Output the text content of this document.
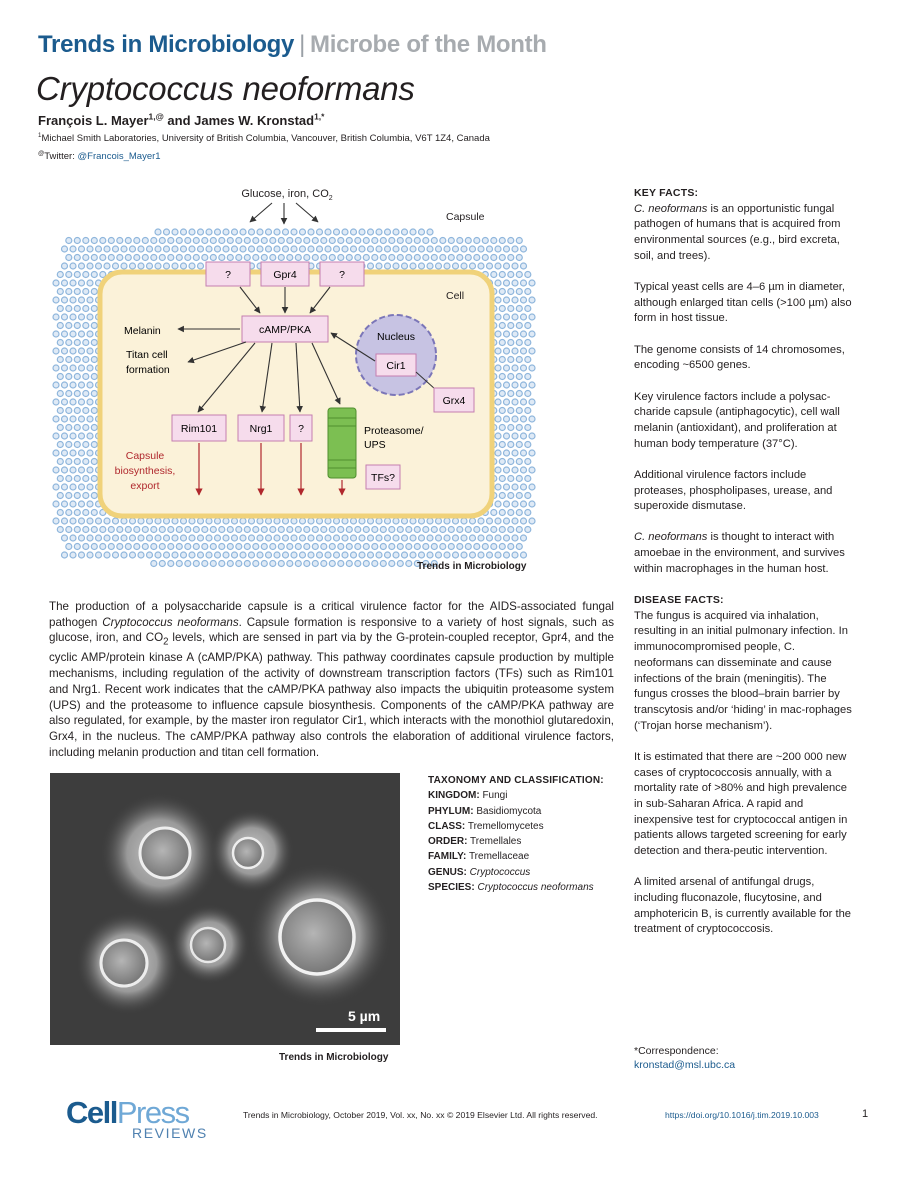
Trends in Microbiology | Microbe of the Month
Cryptococcus neoformans
François L. Mayer$^{1,@}$ and James W. Kronstad$^{1,*}$
$^1$Michael Smith Laboratories, University of British Columbia, Vancouver, British Columbia, V6T 1Z4, Canada
@Twitter: @Francois_Mayer1
Glucose, iron, $CO_2$
Capsule
Cell
?	Gpr4	?
cAMP/PKA
Melanin
Titan cell
formation
Nucleus
Cir1
Grx4
Rim101	Nrg1 ?	Proteasome/
UPS
TFs?
Capsule
biosynthesis,
export
Trends in Microbiology

The production of a polysaccharide capsule is a critical virulence factor for the AIDS-associated fungal pathogen Cryptococcus neoformans. Capsule formation is responsive to a variety of host signals, such as glucose, iron, and $CO_2$ levels, which are sensed in part via by the G-protein-coupled receptor, Gpr4, and the cyclic AMP/protein kinase A (cAMP/PKA) pathway. This pathway coordinates capsule production by multiple mechanisms, including regulation of the activity of downstream transcription factors (TFs) such as Rim101 and Nrg1. Recent work indicates that the cAMP/PKA pathway also impacts the ubiquitin proteasome system (UPS) and the proteasome to influence capsule biosynthesis. Components of the cAMP/PKA pathway are also regulated, for example, by the master iron regulator Cir1, which interacts with the monothiol glutaredoxin, Grx4, in the nucleus. The cAMP/PKA pathway also controls the elaboration of additional virulence factors, including melanin production and titan cell formation.

5 µm
Trends in Microbiology
TAXONOMY AND CLASSIFICATION:
KINGDOM: Fungi
PHYLUM: Basidiomycota
CLASS: Tremellomycetes
ORDER: Tremellales
FAMILY: Tremellaceae
GENUS: Cryptococcus
SPECIES: Cryptococcus neoformans
KEY FACTS:

C. neoformans is an opportunistic fungal pathogen of humans that is acquired from environmental sources (e.g., bird excreta, soil, and trees).

Typical yeast cells are 4–6 µm in diameter, although enlarged titan cells (>100 µm) also form in host tissue.

The genome consists of 14 chromosomes, encoding ~6500 genes.

Key virulence factors include a polysac-charide capsule (antiphagocytic), cell wall melanin (antioxidant), and proliferation at human body temperature (37°C).

Additional virulence factors include proteases, phospholipases, urease, and superoxide dismutase.

C. neoformans is thought to interact with amoebae in the environment, and survives within macrophages in the human host.

DISEASE FACTS:

The fungus is acquired via inhalation, resulting in an initial pulmonary infection. In immunocompromised people, C. neoformans can disseminate and cause infections of the brain (meningitis). The fungus crosses the blood–brain barrier by transcytosis and/or ‘hiding’ in mac-rophages (‘Trojan horse mechanism’).

It is estimated that there are ~200 000 new cases of cryptococcosis annually, with a mortality rate of >80% and high prevalence in sub-Saharan Africa. A rapid and inexpensive test for cryptococcal antigen in patients allows targeted screening for early detection and thera-peutic intervention.

A limited arsenal of antifungal drugs, including fluconazole, flucytosine, and amphotericin B, is currently available for the treatment of cryptococcosis.

*Correspondence:
kronstad@msl.ubc.ca
CellPress
REVIEWS
Trends in Microbiology, October 2019, Vol. xx, No. xx © 2019 Elsevier Ltd. All rights reserved.	https://doi.org/10.1016/j.tim.2019.10.003	1
